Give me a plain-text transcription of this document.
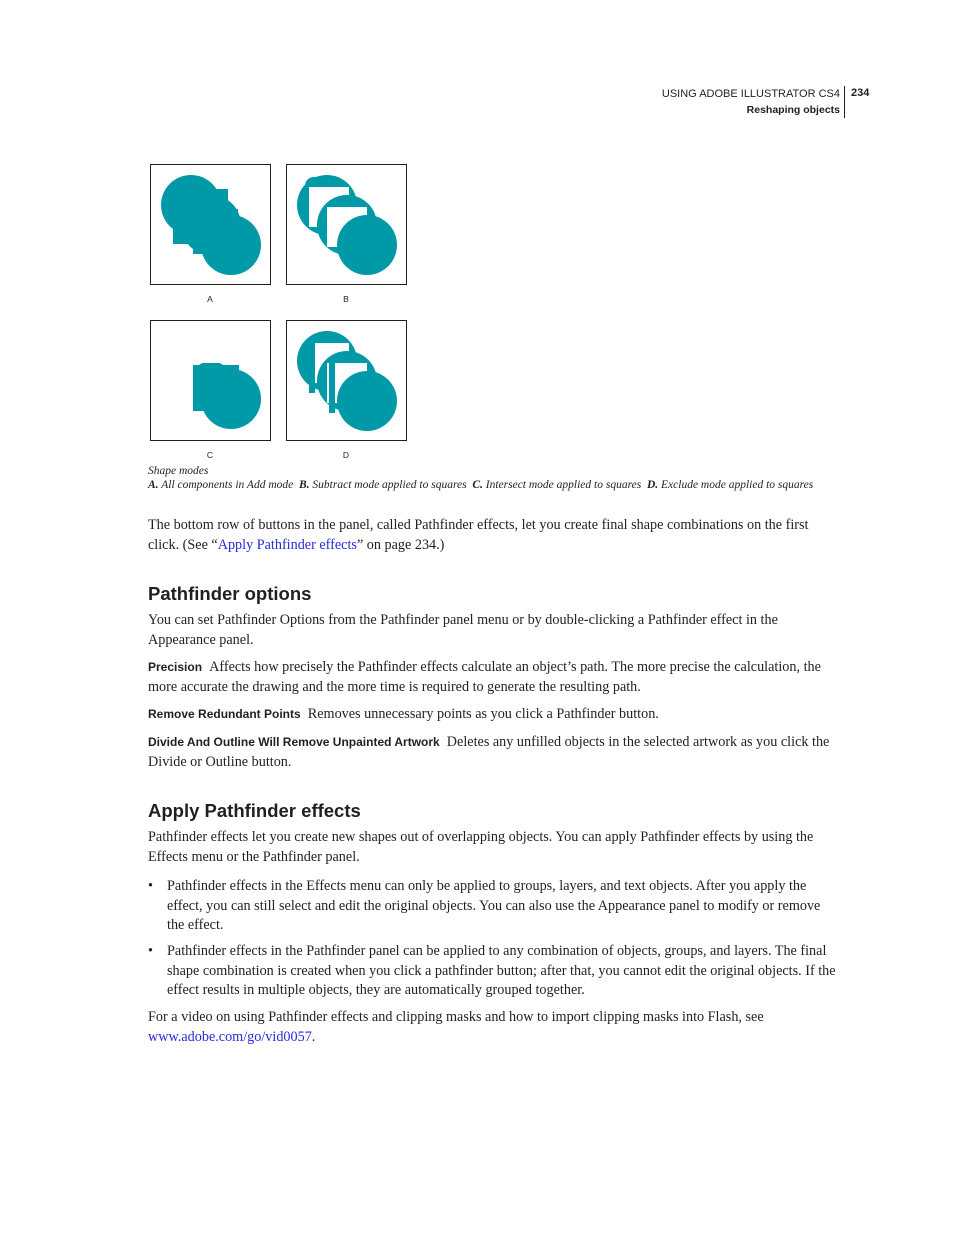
USING ADOBE ILLUSTRATOR CS4
Reshaping objects
234
A	B
C	D
Shape modes
A. All components in Add mode B. Subtract mode applied to squares C. Intersect mode applied to squares D. Exclude mode applied to squares
The bottom row of buttons in the panel, called Pathfinder effects, let you create final shape combinations on the first click. (See “Apply Pathfinder effects” on page 234.)
Pathfinder options
You can set Pathfinder Options from the Pathfinder panel menu or by double-clicking a Pathfinder effect in the Appearance panel.
Precision Affects how precisely the Pathfinder effects calculate an object’s path. The more precise the calculation, the more accurate the drawing and the more time is required to generate the resulting path.
Remove Redundant Points Removes unnecessary points as you click a Pathfinder button.
Divide And Outline Will Remove Unpainted Artwork Deletes any unfilled objects in the selected artwork as you click the Divide or Outline button.
Apply Pathfinder effects
Pathfinder effects let you create new shapes out of overlapping objects. You can apply Pathfinder effects by using the Effects menu or the Pathfinder panel.
• Pathfinder effects in the Effects menu can only be applied to groups, layers, and text objects. After you apply the effect, you can still select and edit the original objects. You can also use the Appearance panel to modify or remove the effect.
• Pathfinder effects in the Pathfinder panel can be applied to any combination of objects, groups, and layers. The final shape combination is created when you click a pathfinder button; after that, you cannot edit the original objects. If the effect results in multiple objects, they are automatically grouped together.
For a video on using Pathfinder effects and clipping masks and how to import clipping masks into Flash, see www.adobe.com/go/vid0057.
